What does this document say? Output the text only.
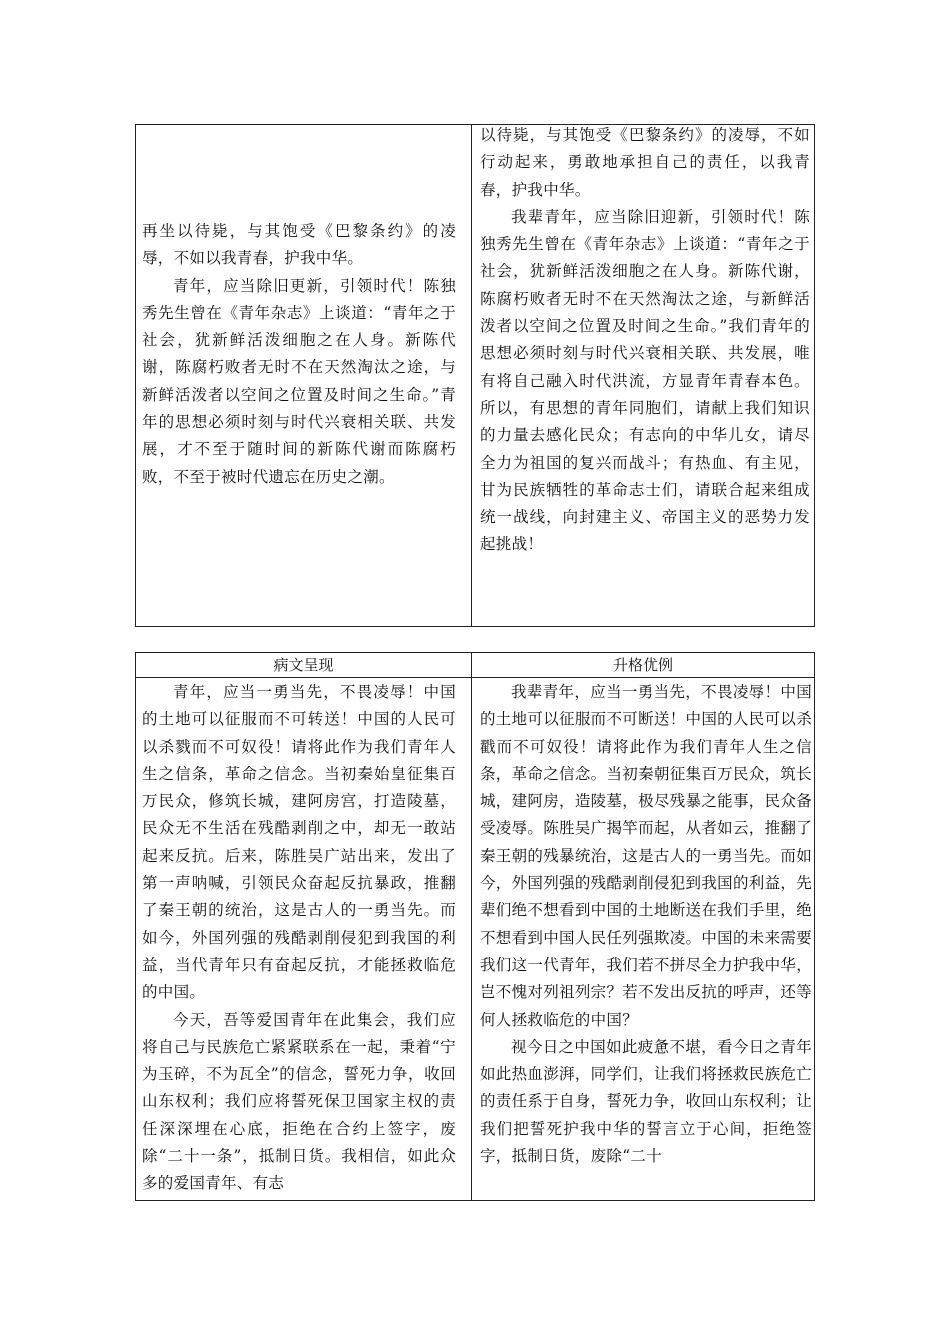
再坐以待毙，与其饱受《巴黎条约》的凌辱，不如以我青春，护我中华。

青年，应当除旧更新，引领时代！陈独秀先生曾在《青年杂志》上谈道：“青年之于社会，犹新鲜活泼细胞之在人身。新陈代谢，陈腐朽败者无时不在天然淘汰之途，与新鲜活泼者以空间之位置及时间之生命。”青年的思想必须时刻与时代兴衰相关联、共发展，才不至于随时间的新陈代谢而陈腐朽败，不至于被时代遗忘在历史之潮。

以待毙，与其饱受《巴黎条约》的凌辱，不如行动起来，勇敢地承担自己的责任，以我青春，护我中华。

我辈青年，应当除旧迎新，引领时代！陈独秀先生曾在《青年杂志》上谈道：“青年之于社会，犹新鲜活泼细胞之在人身。新陈代谢，陈腐朽败者无时不在天然淘汰之途，与新鲜活泼者以空间之位置及时间之生命。”我们青年的思想必须时刻与时代兴衰相关联、共发展，唯有将自己融入时代洪流，方显青年青春本色。所以，有思想的青年同胞们，请献上我们知识的力量去感化民众；有志向的中华儿女，请尽全力为祖国的复兴而战斗；有热血、有主见，甘为民族牺牲的革命志士们，请联合起来组成统一战线，向封建主义、帝国主义的恶势力发起挑战！

病文呈现	升格优例

青年，应当一勇当先，不畏凌辱！中国的土地可以征服而不可转送！中国的人民可以杀戮而不可奴役！请将此作为我们青年人生之信条，革命之信念。当初秦始皇征集百万民众，修筑长城，建阿房宫，打造陵墓，民众无不生活在残酷剥削之中，却无一敢站起来反抗。后来，陈胜吴广站出来，发出了第一声呐喊，引领民众奋起反抗暴政，推翻了秦王朝的统治，这是古人的一勇当先。而如今，外国列强的残酷剥削侵犯到我国的利益，当代青年只有奋起反抗，才能拯救临危的中国。

今天，吾等爱国青年在此集会，我们应将自己与民族危亡紧紧联系在一起，秉着“宁为玉碎，不为瓦全”的信念，誓死力争，收回山东权利；我们应将誓死保卫国家主权的责任深深埋在心底，拒绝在合约上签字，废除“二十一条”，抵制日货。我相信，如此众多的爱国青年、有志

我辈青年，应当一勇当先，不畏凌辱！中国的土地可以征服而不可断送！中国的人民可以杀戳而不可奴役！请将此作为我们青年人生之信条，革命之信念。当初秦朝征集百万民众，筑长城，建阿房，造陵墓，极尽残暴之能事，民众备受凌辱。陈胜吴广揭竿而起，从者如云，推翻了秦王朝的残暴统治，这是古人的一勇当先。而如今，外国列强的残酷剥削侵犯到我国的利益，先辈们绝不想看到中国的土地断送在我们手里，绝不想看到中国人民任列强欺凌。中国的未来需要我们这一代青年，我们若不拼尽全力护我中华，岂不愧对列祖列宗？若不发出反抗的呼声，还等何人拯救临危的中国？

视今日之中国如此疲惫不堪，看今日之青年如此热血澎湃，同学们，让我们将拯救民族危亡的责任系于自身，誓死力争，收回山东权利；让我们把誓死护我中华的誓言立于心间，拒绝签字，抵制日货，废除“二十
